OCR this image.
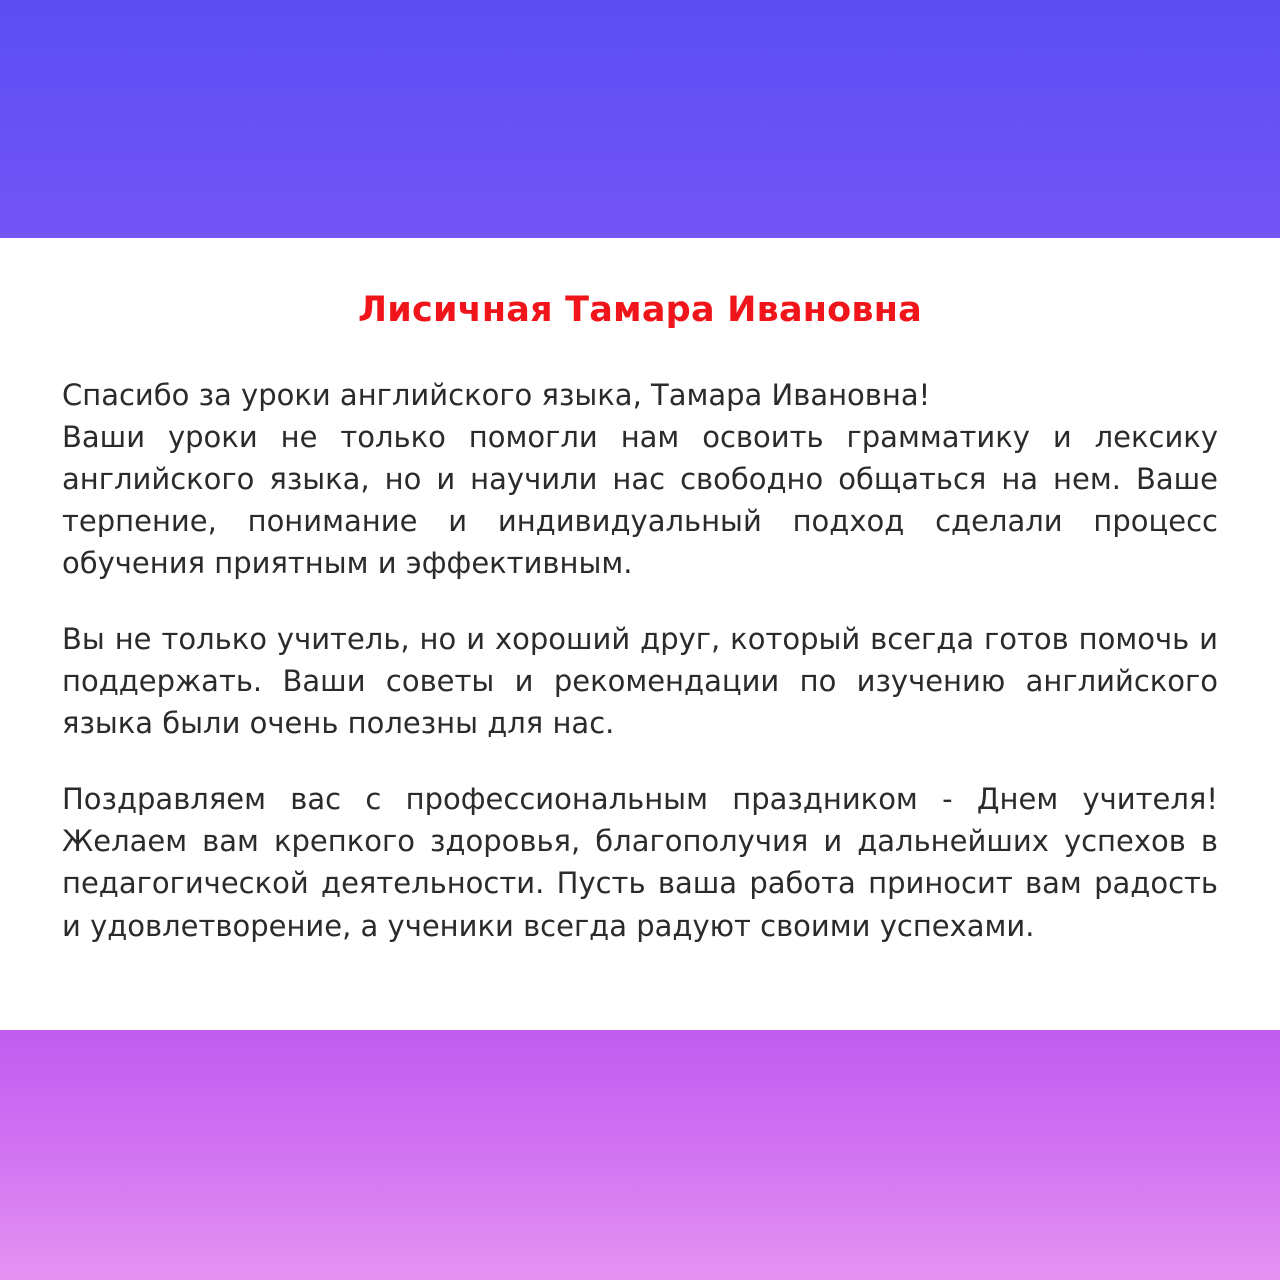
Лисичная Тамара Ивановна

Спасибо за уроки английского языка, Тамара Ивановна!
Ваши уроки не только помогли нам освоить грамматику и лексику английского языка, но и научили нас свободно общаться на нем. Ваше терпение, понимание и индивидуальный подход сделали процесс обучения приятным и эффективным.

Вы не только учитель, но и хороший друг, который всегда готов помочь и поддержать. Ваши советы и рекомендации по изучению английского языка были очень полезны для нас.

Поздравляем вас с профессиональным праздником - Днем учителя! Желаем вам крепкого здоровья, благополучия и дальнейших успехов в педагогической деятельности. Пусть ваша работа приносит вам радость и удовлетворение, а ученики всегда радуют своими успехами.
